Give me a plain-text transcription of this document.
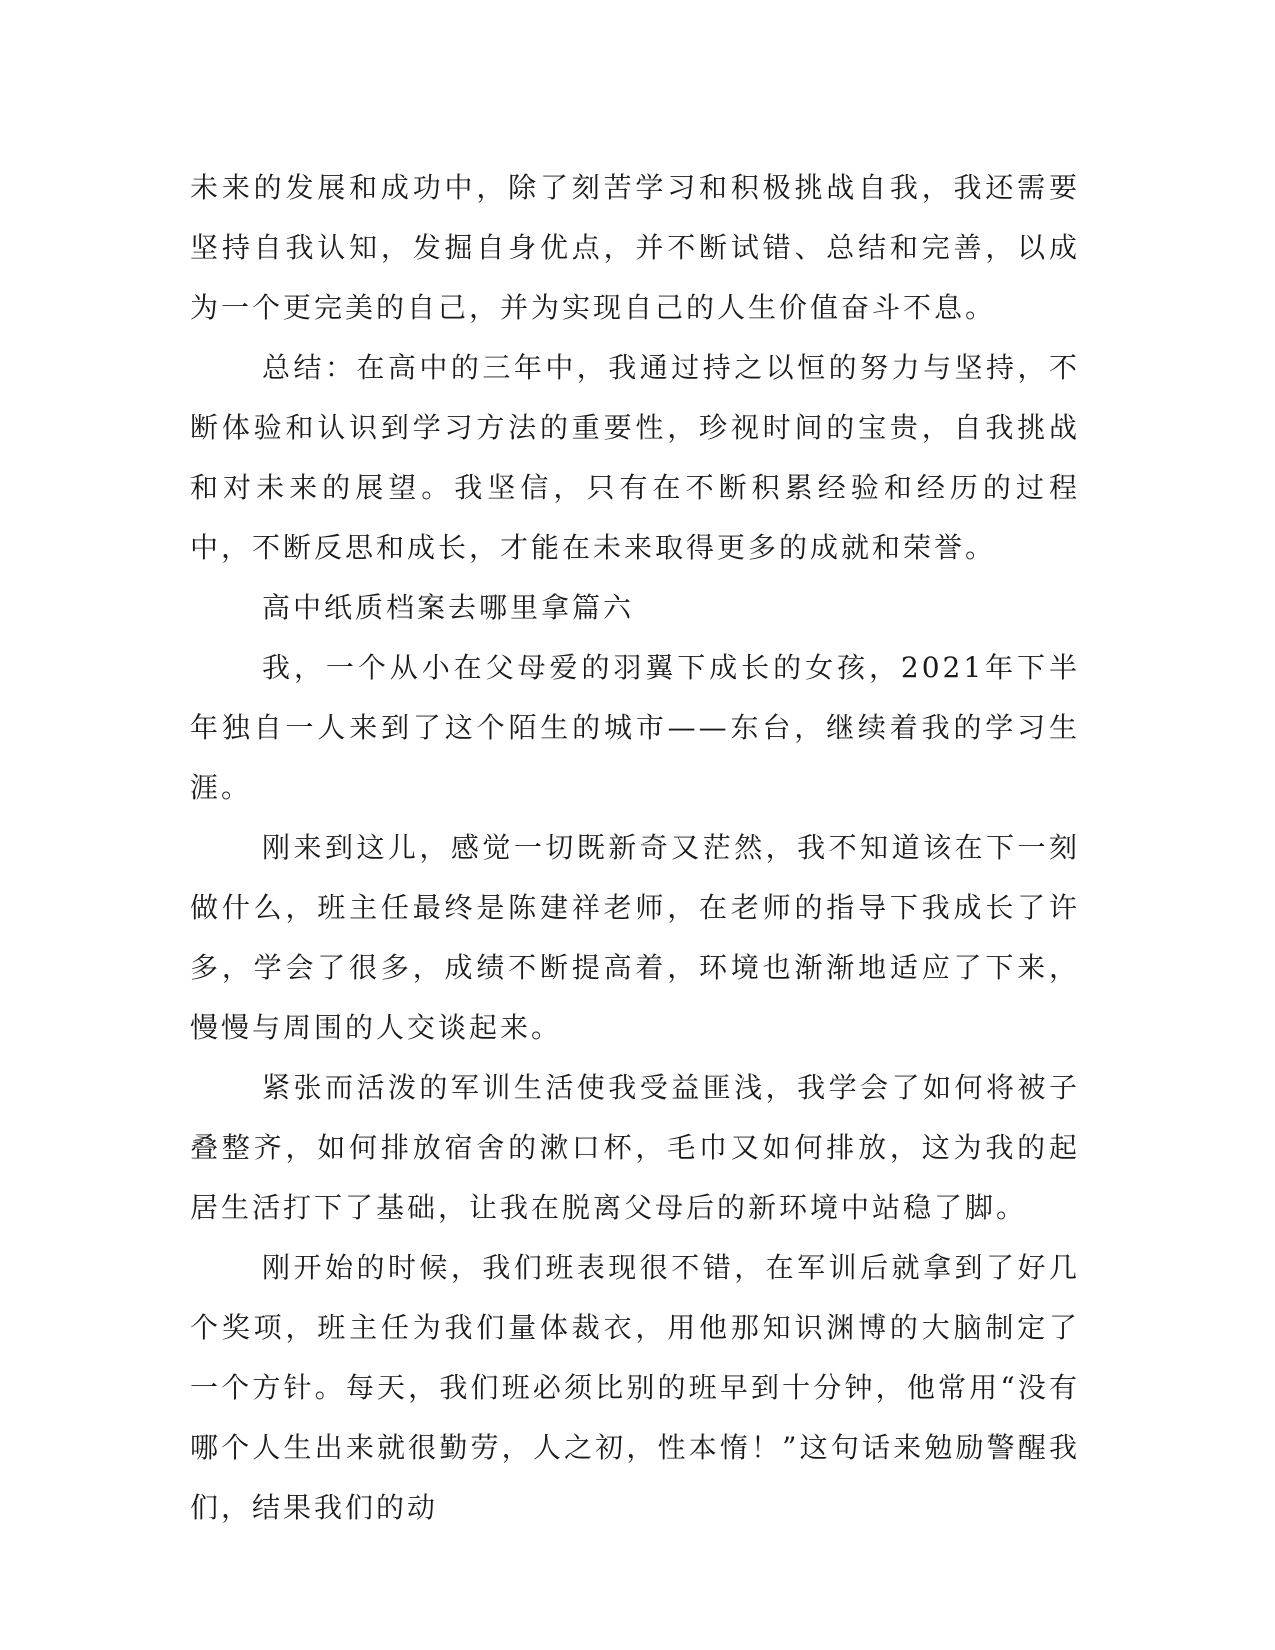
未来的发展和成功中，除了刻苦学习和积极挑战自我，我还需要坚持自我认知，发掘自身优点，并不断试错、总结和完善，以成为一个更完美的自己，并为实现自己的人生价值奋斗不息。

总结：在高中的三年中，我通过持之以恒的努力与坚持，不断体验和认识到学习方法的重要性，珍视时间的宝贵，自我挑战和对未来的展望。我坚信，只有在不断积累经验和经历的过程中，不断反思和成长，才能在未来取得更多的成就和荣誉。

高中纸质档案去哪里拿篇六

我，一个从小在父母爱的羽翼下成长的女孩，2021年下半年独自一人来到了这个陌生的城市——东台，继续着我的学习生涯。

刚来到这儿，感觉一切既新奇又茫然，我不知道该在下一刻做什么，班主任最终是陈建祥老师，在老师的指导下我成长了许多，学会了很多，成绩不断提高着，环境也渐渐地适应了下来，慢慢与周围的人交谈起来。

紧张而活泼的军训生活使我受益匪浅，我学会了如何将被子叠整齐，如何排放宿舍的漱口杯，毛巾又如何排放，这为我的起居生活打下了基础，让我在脱离父母后的新环境中站稳了脚。

刚开始的时候，我们班表现很不错，在军训后就拿到了好几个奖项，班主任为我们量体裁衣，用他那知识渊博的大脑制定了一个方针。每天，我们班必须比别的班早到十分钟，他常用“没有哪个人生出来就很勤劳，人之初，性本惰！”这句话来勉励警醒我们，结果我们的动
